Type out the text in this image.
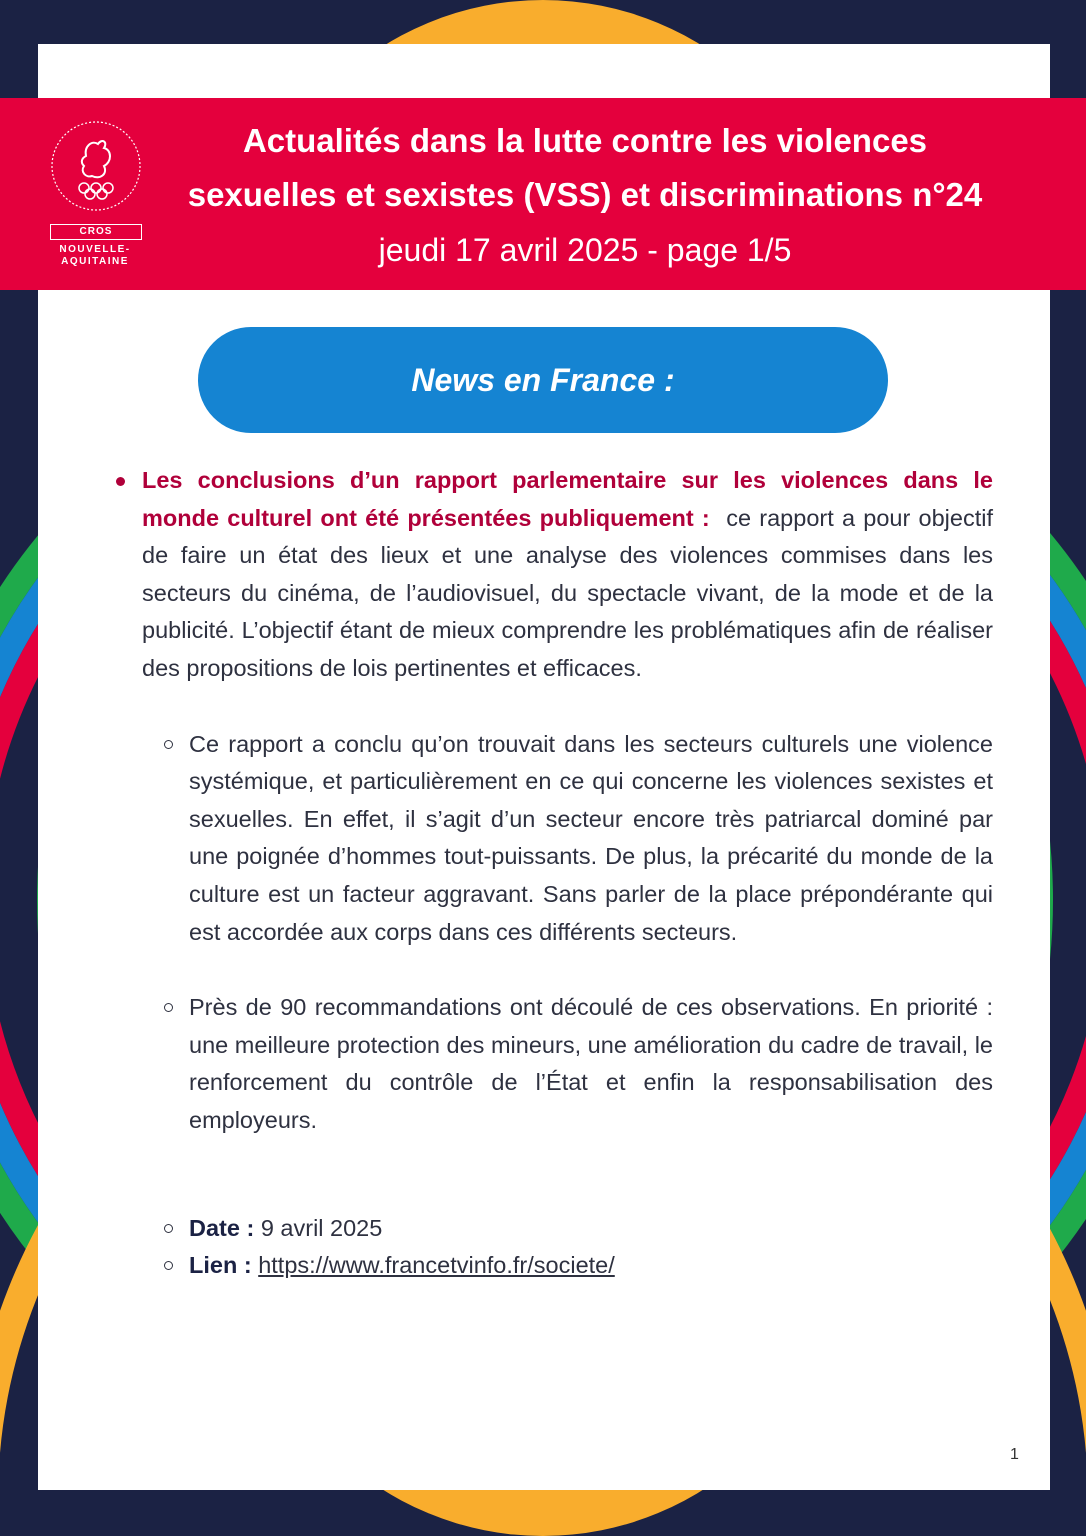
CROS
NOUVELLE-
AQUITAINE
Actualités dans la lutte contre les violences
sexuelles et sexistes (VSS) et discriminations n°24
jeudi 17 avril 2025 - page 1/5
News en France :
Les conclusions d’un rapport parlementaire sur les violences dans le monde culturel ont été présentées publiquement : ce rapport a pour objectif de faire un état des lieux et une analyse des violences commises dans les secteurs du cinéma, de l’audiovisuel, du spectacle vivant, de la mode et de la publicité. L’objectif étant de mieux comprendre les problématiques afin de réaliser des propositions de lois pertinentes et efficaces.
Ce rapport a conclu qu’on trouvait dans les secteurs culturels une violence systémique, et particulièrement en ce qui concerne les violences sexistes et sexuelles. En effet, il s’agit d’un secteur encore très patriarcal dominé par une poignée d’hommes tout-puissants. De plus, la précarité du monde de la culture est un facteur aggravant. Sans parler de la place prépondérante qui est accordée aux corps dans ces différents secteurs.
Près de 90 recommandations ont découlé de ces observations. En priorité : une meilleure protection des mineurs, une amélioration du cadre de travail, le renforcement du contrôle de l’État et enfin la responsabilisation des employeurs.
Date : 9 avril 2025
Lien : https://www.francetvinfo.fr/societe/
1
